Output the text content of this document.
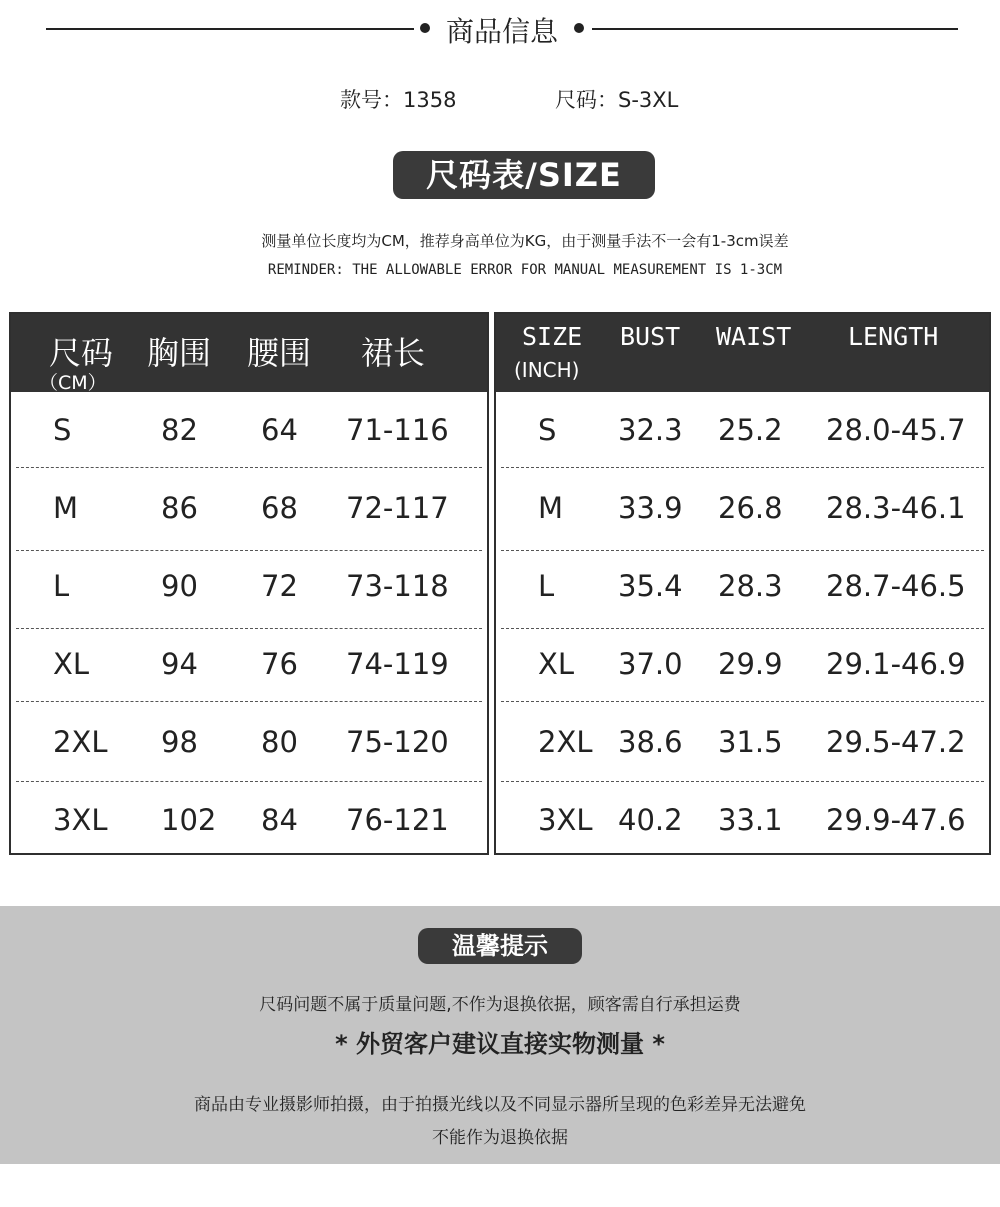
商品信息
款号：1358	尺码：S-3XL
尺码表/SIZE
测量单位长度均为CM，推荐身高单位为KG，由于测量手法不一会有1-3cm误差
REMINDER: THE ALLOWABLE ERROR FOR MANUAL MEASUREMENT IS 1-3CM
尺码
（CM）
胸围 腰围 裙长
S	82 64 71-116
M	86 68 72-117
L	90 72 73-118
XL 94 76 74-119
2XL 98 80 75-120
3XL 102 84 76-121
SIZE
(INCH)
BUST WAIST LENGTH
S 32.3 25.2 28.0-45.7
M 33.9 26.8 28.3-46.1
L 35.4 28.3 28.7-46.5
XL 37.0 29.9 29.1-46.9
2XL 38.6 31.5 29.5-47.2
3XL 40.2 33.1 29.9-47.6
温馨提示
尺码问题不属于质量问题,不作为退换依据，顾客需自行承担运费
* 外贸客户建议直接实物测量 *
商品由专业摄影师拍摄，由于拍摄光线以及不同显示器所呈现的色彩差异无法避免
不能作为退换依据
